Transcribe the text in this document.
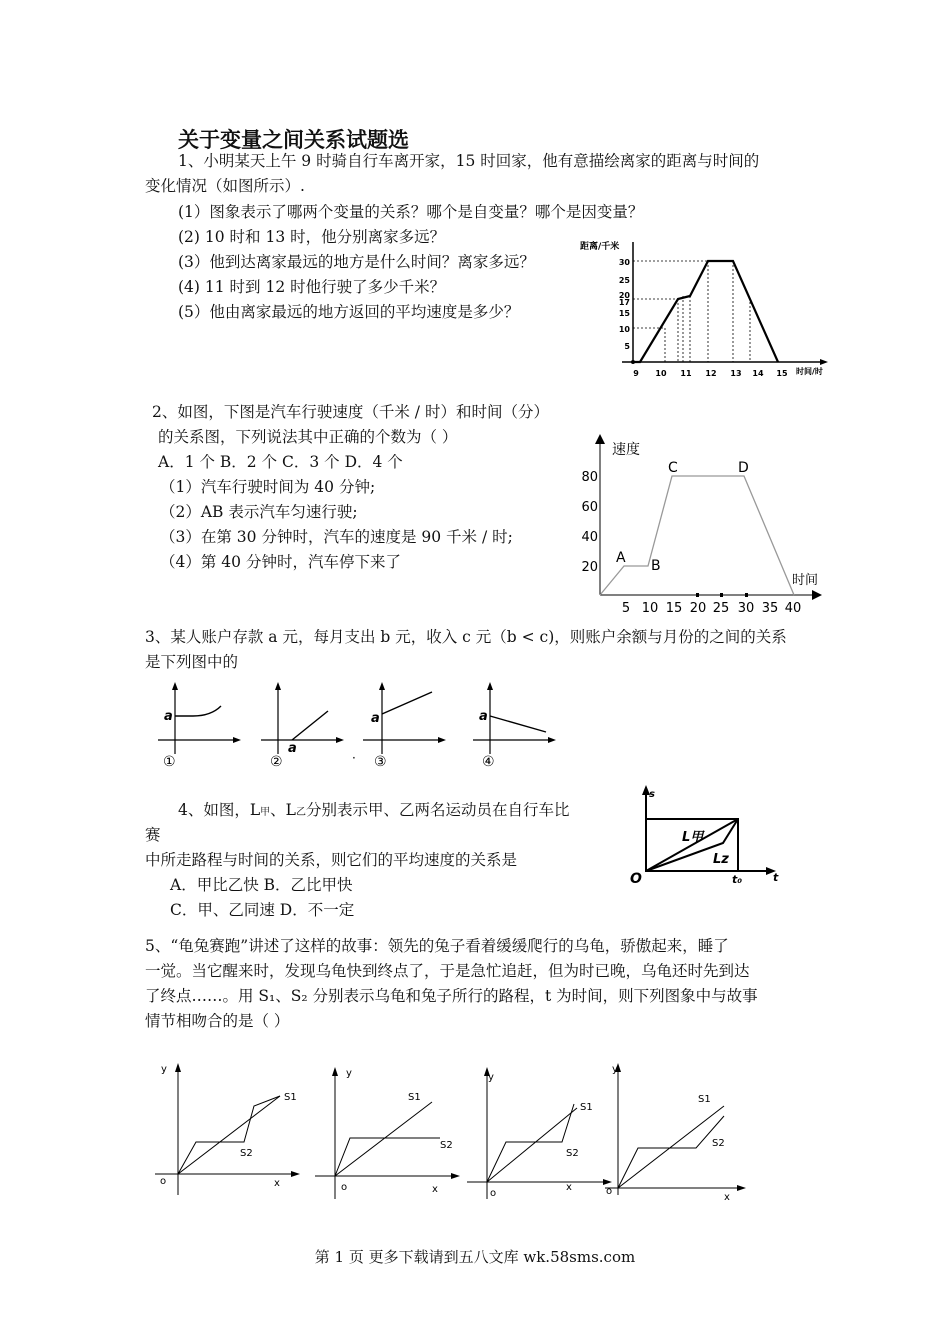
关于变量之间关系试题选
1、小明某天上午 9 时骑自行车离开家，15 时回家，他有意描绘离家的距离与时间的
变化情况（如图所示）.
(1）图象表示了哪两个变量的关系？哪个是自变量？哪个是因变量？
(2) 10 时和 13 时，他分别离家多远？
(3）他到达离家最远的地方是什么时间？离家多远？
(4) 11 时到 12 时他行驶了多少千米？
(5）他由离家最远的地方返回的平均速度是多少？
距离/千米
时间/时
30
25
20
17
15
10
5
9 10 11 12 13 14 15
2、如图，下图是汽车行驶速度（千米 / 时）和时间（分）
的关系图，下列说法其中正确的个数为（ ）
A．1 个 B．2 个 C．3 个 D．4 个
（1）汽车行驶时间为 40 分钟;
（2）AB 表示汽车匀速行驶;
（3）在第 30 分钟时，汽车的速度是 90 千米 / 时;
（4）第 40 分钟时，汽车停下来了
速度
时间
80
60
40
20
5 10 15 20 25 30 35 40
A B
C	D
3、某人账户存款 a 元，每月支出 b 元，收入 c 元（b < c)，则账户余额与月份的之间的关系
是下列图中的
a
①
a
②
a
· ③
a
④
4、如图，L甲、L乙分别表示甲、乙两名运动员在自行车比
赛
中所走路程与时间的关系，则它们的平均速度的关系是
A．甲比乙快 B．乙比甲快
C．甲、乙同速 D．不一定
s
t
O	t₀
L甲
Lz
5、“龟兔赛跑”讲述了这样的故事：领先的兔子看着缓缓爬行的乌龟，骄傲起来，睡了
一觉。当它醒来时，发现乌龟快到终点了，于是急忙追赶，但为时已晚，乌龟还时先到达
了终点……。用 S₁、S₂ 分别表示乌龟和兔子所行的路程，t 为时间，则下列图象中与故事
情节相吻合的是（ ）
y
x
o
S1
S2
y
x
o
S1
S2
y
x
o
S1
S2
y
x
o
S1
S2
第 1 页 更多下载请到五八文库 wk.58sms.com
